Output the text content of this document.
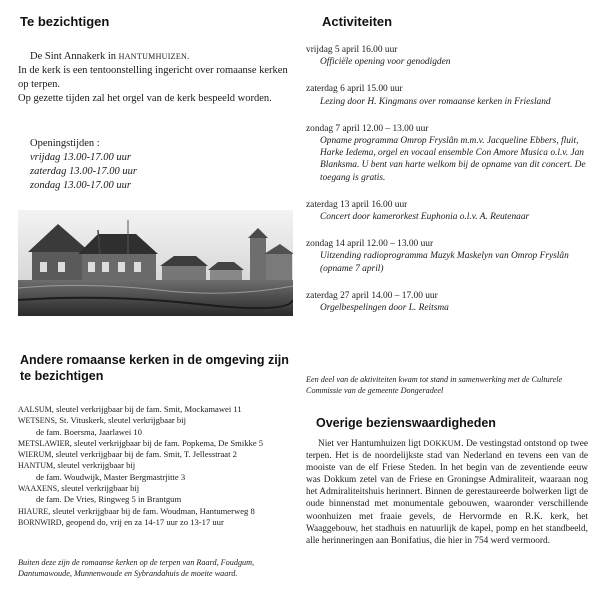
Te bezichtigen

De Sint Annakerk in HANTUMHUIZEN.

In de kerk is een tentoonstelling ingericht over romaanse kerken op terpen.

Op gezette tijden zal het orgel van de kerk bespeeld worden.

Openingstijden :
vrijdag 13.00-17.00 uur
zaterdag 13.00-17.00 uur
zondag 13.00-17.00 uur
Andere romaanse kerken in de omgeving zijn te bezichtigen
AALSUM, sleutel verkrijgbaar bij de fam. Smit, Mockamawei 11
WETSENS, St. Vituskerk, sleutel verkrijgbaar bij
de fam. Boersma, Jaarlawei 10
METSLAWIER, sleutel verkrijgbaar bij de fam. Popkema, De Smikke 5
WIERUM, sleutel verkrijgbaar bij de fam. Smit, T. Jellesstraat 2
HANTUM, sleutel verkrijgbaar bij
de fam. Woudwijk, Master Bergmastrjitte 3
WAAXENS, sleutel verkrijgbaar bij
de fam. De Vries, Ringweg 5 in Brantgum
HIAURE, sleutel verkrijgbaar bij de fam. Woudman, Hantumerweg 8
BORNWIRD, geopend do, vrij en za 14-17 uur zo 13-17 uur
Buiten deze zijn de romaanse kerken op de terpen van Raard, Foudgum, Dantumawoude, Munnenwoude en Sybrandahuis de moeite waard.
Activiteiten
vrijdag 5 april 16.00 uur
Officiële opening voor genodigden
zaterdag 6 april 15.00 uur
Lezing door H. Kingmans over romaanse kerken in Friesland
zondag 7 april 12.00 – 13.00 uur
Opname programma Omrop Fryslân m.m.v. Jacqueline Ebbers, fluit, Harke Iedema, orgel en vocaal ensemble Con Amore Musica o.l.v. Jan Blanksma. U bent van harte welkom bij de opname van dit concert. De toegang is gratis.
zaterdag 13 april 16.00 uur
Concert door kamerorkest Euphonia o.l.v. A. Reutenaar
zondag 14 april 12.00 – 13.00 uur
Uitzending radioprogramma Muzyk Maskelyn van Omrop Fryslân (opname 7 april)
zaterdag 27 april 14.00 – 17.00 uur
Orgelbespelingen door L. Reitsma
Een deel van de aktiviteiten kwam tot stand in samenwerking met de Culturele Commissie van de gemeente Dongeradeel
Overige bezienswaardigheden
Niet ver Hantumhuizen ligt DOKKUM. De vestingstad ontstond op twee terpen. Het is de noordelijkste stad van Nederland en tevens een van de mooiste van de elf Friese Steden. In het begin van de zeventiende eeuw was Dokkum zetel van de Friese en Groningse Admiraliteit, waaraan nog het Admiraliteitshuis herinnert. Binnen de gerestaureerde bolwerken ligt de oude binnenstad met monumentale gebouwen, waaronder verschillende woonhuizen met fraaie gevels, de Hervormde en R.K. kerk, het Waaggebouw, het stadhuis en natuurlijk de kapel, pomp en het standbeeld, alle herinneringen aan Bonifatius, die hier in 754 werd vermoord.
